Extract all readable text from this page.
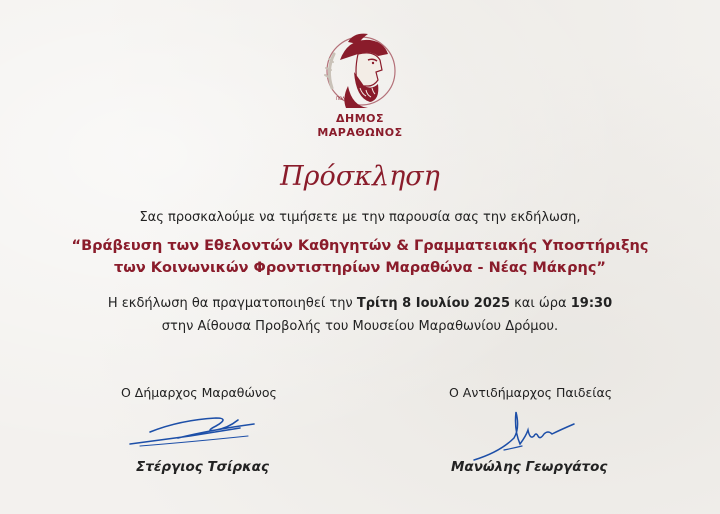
ΠΟΛΙΣ
ΔΗΜΟΣ
ΜΑΡΑΘΩΝΟΣ
Πρόσκληση
Σας προσκαλούμε να τιμήσετε με την παρουσία σας την εκδήλωση,
“Βράβευση των Εθελοντών Καθηγητών & Γραμματειακής Υποστήριξης
των Κοινωνικών Φροντιστηρίων Μαραθώνα - Νέας Μάκρης”
Η εκδήλωση θα πραγματοποιηθεί την Τρίτη 8 Ιουλίου 2025 και ώρα 19:30
στην Αίθουσα Προβολής του Μουσείου Μαραθωνίου Δρόμου.
Ο Δήμαρχος Μαραθώνος
Στέργιος Τσίρκας
Ο Αντιδήμαρχος Παιδείας
Μανώλης Γεωργάτος
